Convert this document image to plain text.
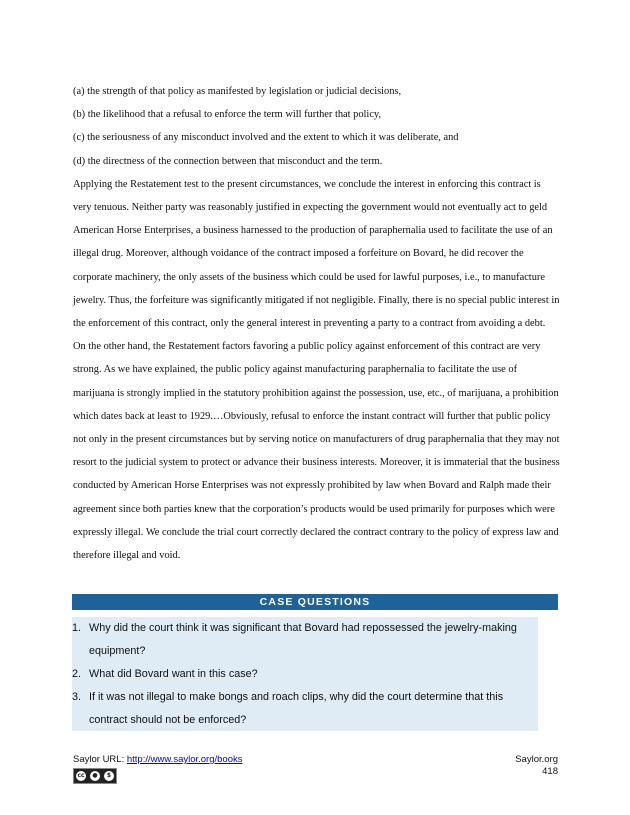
(a) the strength of that policy as manifested by legislation or judicial decisions,

(b) the likelihood that a refusal to enforce the term will further that policy,

(c) the seriousness of any misconduct involved and the extent to which it was deliberate, and

(d) the directness of the connection between that misconduct and the term.

Applying the Restatement test to the present circumstances, we conclude the interest in enforcing this contract is very tenuous. Neither party was reasonably justified in expecting the government would not eventually act to geld American Horse Enterprises, a business harnessed to the production of paraphernalia used to facilitate the use of an illegal drug. Moreover, although voidance of the contract imposed a forfeiture on Bovard, he did recover the corporate machinery, the only assets of the business which could be used for lawful purposes, i.e., to manufacture jewelry. Thus, the forfeiture was significantly mitigated if not negligible. Finally, there is no special public interest in the enforcement of this contract, only the general interest in preventing a party to a contract from avoiding a debt.

On the other hand, the Restatement factors favoring a public policy against enforcement of this contract are very strong. As we have explained, the public policy against manufacturing paraphernalia to facilitate the use of marijuana is strongly implied in the statutory prohibition against the possession, use, etc., of marijuana, a prohibition which dates back at least to 1929.…Obviously, refusal to enforce the instant contract will further that public policy not only in the present circumstances but by serving notice on manufacturers of drug paraphernalia that they may not resort to the judicial system to protect or advance their business interests. Moreover, it is immaterial that the business conducted by American Horse Enterprises was not expressly prohibited by law when Bovard and Ralph made their agreement since both parties knew that the corporation’s products would be used primarily for purposes which were expressly illegal. We conclude the trial court correctly declared the contract contrary to the policy of express law and therefore illegal and void.

CASE QUESTIONS
1. Why did the court think it was significant that Bovard had repossessed the jewelry-making equipment?
2. What did Bovard want in this case?
3. If it was not illegal to make bongs and roach clips, why did the court determine that this contract should not be enforced?
Saylor URL: http://www.saylor.org/books
cc	●	$
Saylor.org
418
